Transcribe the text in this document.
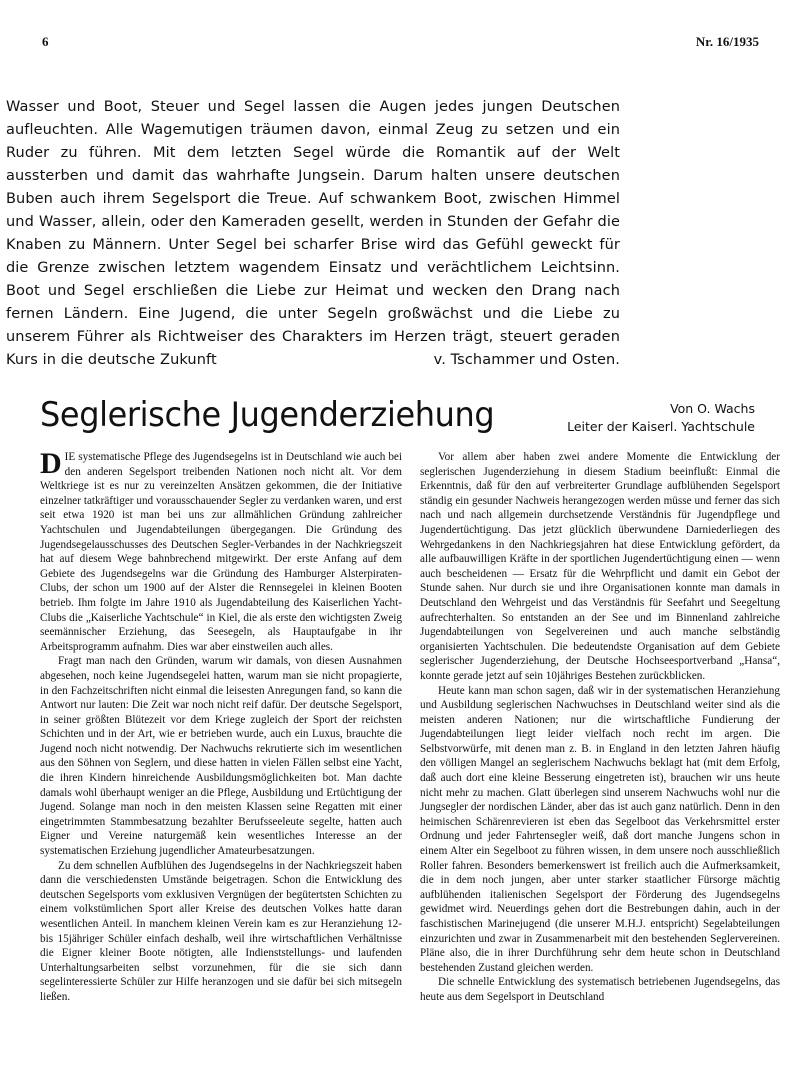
6	Nr. 16/1935

Wasser und Boot, Steuer und Segel lassen die Augen jedes jungen Deutschen aufleuchten. Alle Wagemutigen träumen davon, einmal Zeug zu setzen und ein Ruder zu führen. Mit dem letzten Segel würde die Romantik auf der Welt aussterben und damit das wahrhafte Jungsein. Darum halten unsere deutschen Buben auch ihrem Segelsport die Treue. Auf schwankem Boot, zwischen Himmel und Wasser, allein, oder den Kameraden gesellt, werden in Stunden der Gefahr die Knaben zu Männern. Unter Segel bei scharfer Brise wird das Gefühl geweckt für die Grenze zwischen letztem wagendem Einsatz und verächtlichem Leichtsinn. Boot und Segel erschließen die Liebe zur Heimat und wecken den Drang nach fernen Ländern. Eine Jugend, die unter Segeln großwächst und die Liebe zu unserem Führer als Richtweiser des Charakters im Herzen trägt, steuert geraden Kurs in die deutsche Zukunft	v. Tschammer und Osten.
Seglerische Jugenderziehung	Von O. Wachs
Leiter der Kaiserl. Yachtschule

DIE systematische Pflege des Jugendsegelns ist in Deutschland wie auch bei den anderen Segelsport treibenden Nationen noch nicht alt. Vor dem Weltkriege ist es nur zu vereinzelten Ansätzen gekommen, die der Initiative einzelner tatkräftiger und vorausschauender Segler zu verdanken waren, und erst seit etwa 1920 ist man bei uns zur allmählichen Gründung zahlreicher Yachtschulen und Jugendabteilungen übergegangen. Die Gründung des Jugendsegelausschusses des Deutschen Segler-Verbandes in der Nachkriegszeit hat auf diesem Wege bahnbrechend mitgewirkt. Der erste Anfang auf dem Gebiete des Jugendsegelns war die Gründung des Hamburger Alsterpiraten-Clubs, der schon um 1900 auf der Alster die Rennsegelei in kleinen Booten betrieb. Ihm folgte im Jahre 1910 als Jugendabteilung des Kaiserlichen Yacht-Clubs die „Kaiserliche Yachtschule“ in Kiel, die als erste den wichtigsten Zweig seemännischer Erziehung, das Seesegeln, als Hauptaufgabe in ihr Arbeitsprogramm aufnahm. Dies war aber einstweilen auch alles.

Fragt man nach den Gründen, warum wir damals, von diesen Ausnahmen abgesehen, noch keine Jugendsegelei hatten, warum man sie nicht propagierte, in den Fachzeitschriften nicht einmal die leisesten Anregungen fand, so kann die Antwort nur lauten: Die Zeit war noch nicht reif dafür. Der deutsche Segelsport, in seiner größten Blütezeit vor dem Kriege zugleich der Sport der reichsten Schichten und in der Art, wie er betrieben wurde, auch ein Luxus, brauchte die Jugend noch nicht notwendig. Der Nachwuchs rekrutierte sich im wesentlichen aus den Söhnen von Seglern, und diese hatten in vielen Fällen selbst eine Yacht, die ihren Kindern hinreichende Ausbildungsmöglichkeiten bot. Man dachte damals wohl überhaupt weniger an die Pflege, Ausbildung und Ertüchtigung der Jugend. Solange man noch in den meisten Klassen seine Regatten mit einer eingetrimmten Stammbesatzung bezahlter Berufsseeleute segelte, hatten auch Eigner und Vereine naturgemäß kein wesentliches Interesse an der systematischen Erziehung jugendlicher Amateurbesatzungen.

Zu dem schnellen Aufblühen des Jugendsegelns in der Nachkriegszeit haben dann die verschiedensten Umstände beigetragen. Schon die Entwicklung des deutschen Segelsports vom exklusiven Vergnügen der begütertsten Schichten zu einem volkstümlichen Sport aller Kreise des deutschen Volkes hatte daran wesentlichen Anteil. In manchem kleinen Verein kam es zur Heranziehung 12- bis 15jähriger Schüler einfach deshalb, weil ihre wirtschaftlichen Verhältnisse die Eigner kleiner Boote nötigten, alle Indienststellungs- und laufenden Unterhaltungsarbeiten selbst vorzunehmen, für die sie sich dann segelinteressierte Schüler zur Hilfe heranzogen und sie dafür bei sich mitsegeln ließen.

Vor allem aber haben zwei andere Momente die Entwicklung der seglerischen Jugenderziehung in diesem Stadium beeinflußt: Einmal die Erkenntnis, daß für den auf verbreiterter Grundlage aufblühenden Segelsport ständig ein gesunder Nachweis herangezogen werden müsse und ferner das sich nach und nach allgemein durchsetzende Verständnis für Jugendpflege und Jugendertüchtigung. Das jetzt glücklich überwundene Darniederliegen des Wehrgedankens in den Nachkriegsjahren hat diese Entwicklung gefördert, da alle aufbauwilligen Kräfte in der sportlichen Jugendertüchtigung einen — wenn auch bescheidenen — Ersatz für die Wehrpflicht und damit ein Gebot der Stunde sahen. Nur durch sie und ihre Organisationen konnte man damals in Deutschland den Wehrgeist und das Verständnis für Seefahrt und Seegeltung aufrechterhalten. So entstanden an der See und im Binnenland zahlreiche Jugendabteilungen von Segelvereinen und auch manche selbständig organisierten Yachtschulen. Die bedeutendste Organisation auf dem Gebiete seglerischer Jugenderziehung, der Deutsche Hochseesportverband „Hansa“, konnte gerade jetzt auf sein 10jähriges Bestehen zurückblicken.

Heute kann man schon sagen, daß wir in der systematischen Heranziehung und Ausbildung seglerischen Nachwuchses in Deutschland weiter sind als die meisten anderen Nationen; nur die wirtschaftliche Fundierung der Jugendabteilungen liegt leider vielfach noch recht im argen. Die Selbstvorwürfe, mit denen man z. B. in England in den letzten Jahren häufig den völligen Mangel an seglerischem Nachwuchs beklagt hat (mit dem Erfolg, daß auch dort eine kleine Besserung eingetreten ist), brauchen wir uns heute nicht mehr zu machen. Glatt überlegen sind unserem Nachwuchs wohl nur die Jungsegler der nordischen Länder, aber das ist auch ganz natürlich. Denn in den heimischen Schärenrevieren ist eben das Segelboot das Verkehrsmittel erster Ordnung und jeder Fahrtensegler weiß, daß dort manche Jungens schon in einem Alter ein Segelboot zu führen wissen, in dem unsere noch ausschließlich Roller fahren. Besonders bemerkenswert ist freilich auch die Aufmerksamkeit, die in dem noch jungen, aber unter starker staatlicher Fürsorge mächtig aufblühenden italienischen Segelsport der Förderung des Jugendsegelns gewidmet wird. Neuerdings gehen dort die Bestrebungen dahin, auch in der faschistischen Marinejugend (die unserer M.H.J. entspricht) Segelabteilungen einzurichten und zwar in Zusammenarbeit mit den bestehenden Seglervereinen. Pläne also, die in ihrer Durchführung sehr dem heute schon in Deutschland bestehenden Zustand gleichen werden.

Die schnelle Entwicklung des systematisch betriebenen Jugendsegelns, das heute aus dem Segelsport in Deutschland
